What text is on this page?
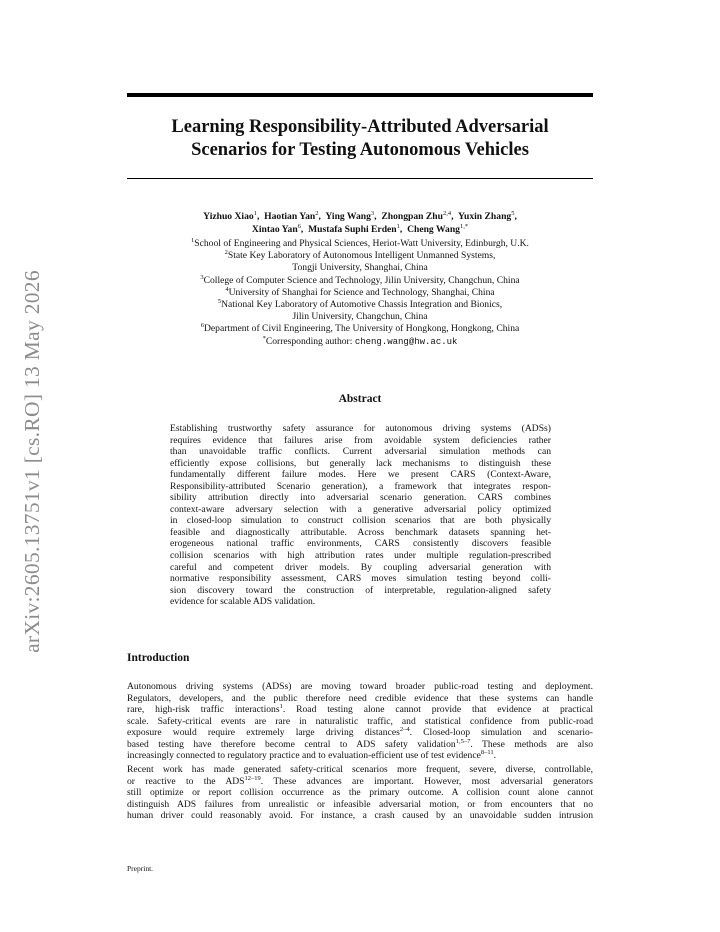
arXiv:2605.13751v1 [cs.RO] 13 May 2026
Learning Responsibility-Attributed Adversarial
Scenarios for Testing Autonomous Vehicles
Yizhuo Xiao$^1$,  Haotian Yan$^2$,  Ying Wang$^3$,  Zhongpan Zhu$^{2,4}$,  Yuxin Zhang$^5$,
Xintao Yan$^6$,  Mustafa Suphi Erden$^1$,  Cheng Wang$^{1,*}$
$^1$School of Engineering and Physical Sciences, Heriot-Watt University, Edinburgh, U.K.
$^2$State Key Laboratory of Autonomous Intelligent Unmanned Systems,
Tongji University, Shanghai, China
$^3$College of Computer Science and Technology, Jilin University, Changchun, China
$^4$University of Shanghai for Science and Technology, Shanghai, China
$^5$National Key Laboratory of Automotive Chassis Integration and Bionics,
Jilin University, Changchun, China
$^6$Department of Civil Engineering, The University of Hongkong, Hongkong, China
*Corresponding author: cheng.wang@hw.ac.uk
Abstract
Establishing trustworthy safety assurance for autonomous driving systems (ADSs)
requires evidence that failures arise from avoidable system deficiencies rather
than unavoidable traffic conflicts. Current adversarial simulation methods can
efficiently expose collisions, but generally lack mechanisms to distinguish these
fundamentally different failure modes. Here we present CARS (Context-Aware,
Responsibility-attributed Scenario generation), a framework that integrates respon-
sibility attribution directly into adversarial scenario generation. CARS combines
context-aware adversary selection with a generative adversarial policy optimized
in closed-loop simulation to construct collision scenarios that are both physically
feasible and diagnostically attributable. Across benchmark datasets spanning het-
erogeneous national traffic environments, CARS consistently discovers feasible
collision scenarios with high attribution rates under multiple regulation-prescribed
careful and competent driver models. By coupling adversarial generation with
normative responsibility assessment, CARS moves simulation testing beyond colli-
sion discovery toward the construction of interpretable, regulation-aligned safety
evidence for scalable ADS validation.
Introduction
Autonomous driving systems (ADSs) are moving toward broader public-road testing and deployment.
Regulators, developers, and the public therefore need credible evidence that these systems can handle
rare, high-risk traffic interactions$^1$. Road testing alone cannot provide that evidence at practical
scale. Safety-critical events are rare in naturalistic traffic, and statistical confidence from public-road
exposure would require extremely large driving distances$^{2-4}$. Closed-loop simulation and scenario-
based testing have therefore become central to ADS safety validation$^{1,5-7}$. These methods are also
increasingly connected to regulatory practice and to evaluation-efficient use of test evidence$^{8-11}$.
Recent work has made generated safety-critical scenarios more frequent, severe, diverse, controllable,
or reactive to the ADS$^{12-19}$. These advances are important. However, most adversarial generators
still optimize or report collision occurrence as the primary outcome. A collision count alone cannot
distinguish ADS failures from unrealistic or infeasible adversarial motion, or from encounters that no
human driver could reasonably avoid. For instance, a crash caused by an unavoidable sudden intrusion
Preprint.
